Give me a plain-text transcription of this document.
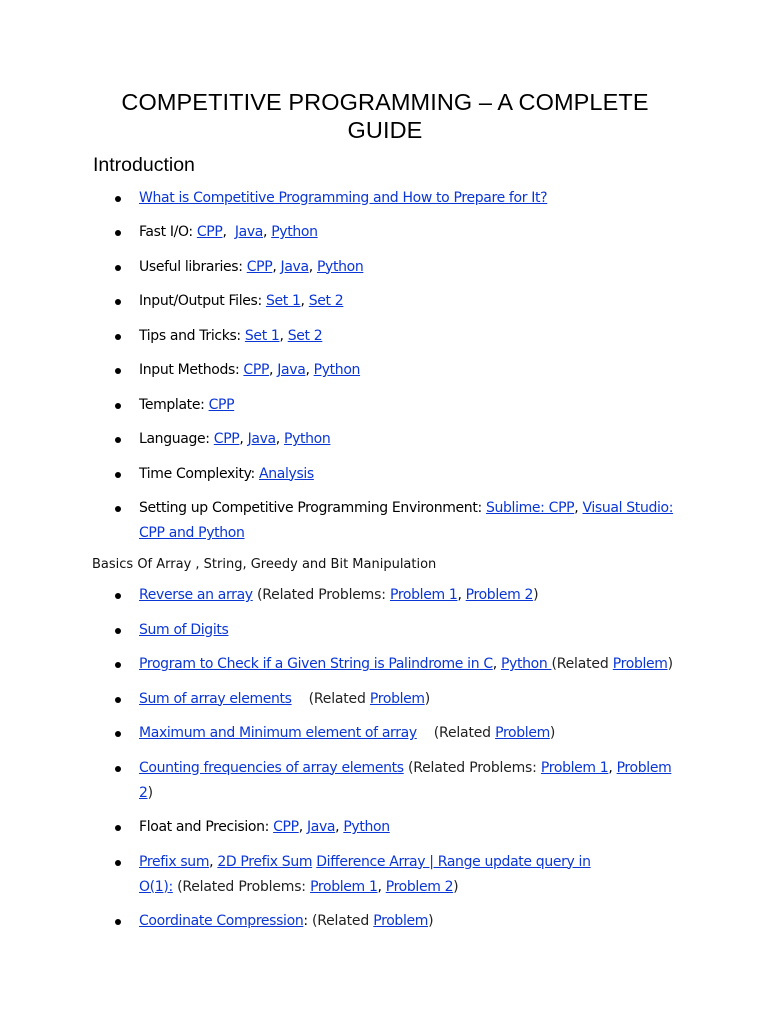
COMPETITIVE PROGRAMMING – A COMPLETE GUIDE
Introduction
What is Competitive Programming and How to Prepare for It?
Fast I/O: CPP,  Java, Python
Useful libraries: CPP, Java, Python
Input/Output Files: Set 1, Set 2
Tips and Tricks: Set 1, Set 2
Input Methods: CPP, Java, Python
Template: CPP
Language: CPP, Java, Python
Time Complexity: Analysis
Setting up Competitive Programming Environment: Sublime: CPP, Visual Studio:
CPP and Python
Basics Of Array , String, Greedy and Bit Manipulation
Reverse an array (Related Problems: Problem 1, Problem 2)
Sum of Digits
Program to Check if a Given String is Palindrome in C, Python (Related Problem)
Sum of array elements    (Related Problem)
Maximum and Minimum element of array    (Related Problem)
Counting frequencies of array elements (Related Problems: Problem 1, Problem
2)
Float and Precision: CPP, Java, Python
Prefix sum, 2D Prefix Sum Difference Array | Range update query in
O(1): (Related Problems: Problem 1, Problem 2)
Coordinate Compression: (Related Problem)
